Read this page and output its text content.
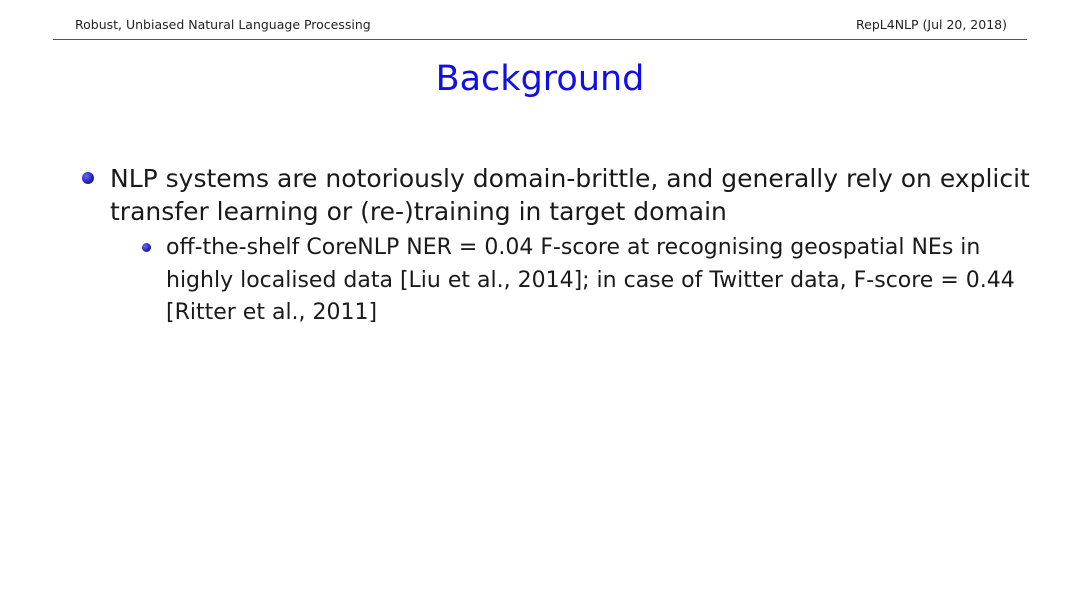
Robust, Unbiased Natural Language Processing	RepL4NLP (Jul 20, 2018)
Background
NLP systems are notoriously domain-brittle, and generally rely on explicit transfer learning or (re-)training in target domain
off-the-shelf CoreNLP NER = 0.04 F-score at recognising geospatial NEs in highly localised data [Liu et al., 2014]; in case of Twitter data, F-score = 0.44 [Ritter et al., 2011]
